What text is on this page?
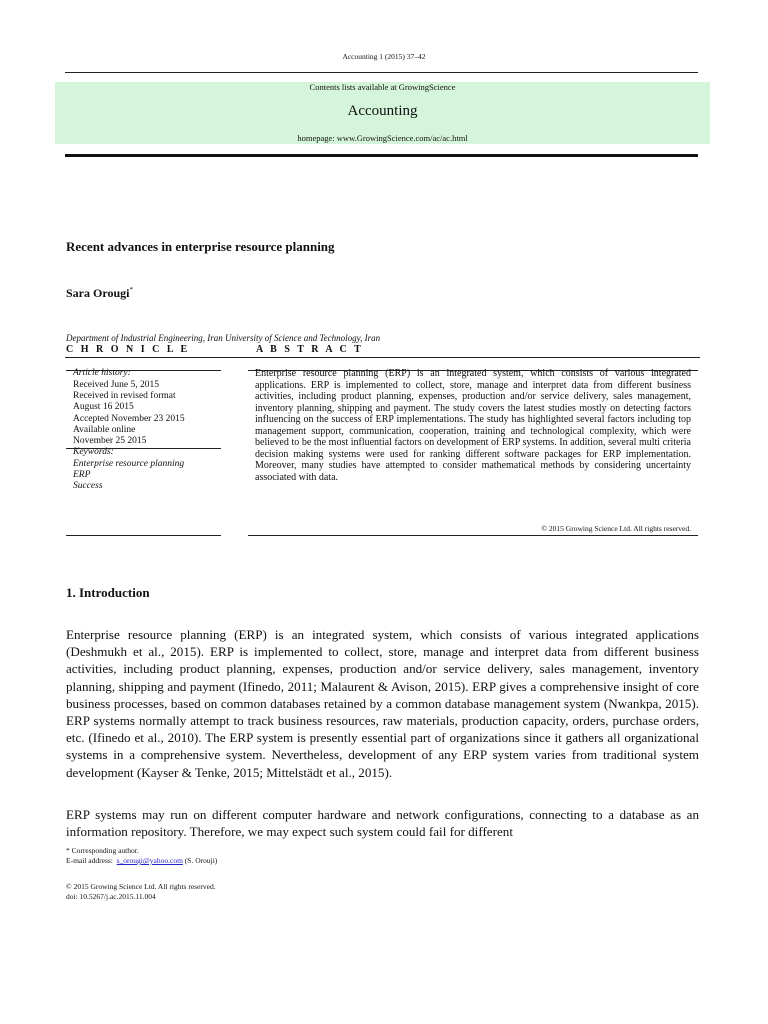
Accounting 1 (2015) 37–42
Contents lists available at GrowingScience
Accounting
homepage: www.GrowingScience.com/ac/ac.html
Recent advances in enterprise resource planning
Sara Orougi*
Department of Industrial Engineering, Iran University of Science and Technology, Iran
C H R O N I C L E	A B S T R A C T
Article history:
Received June 5, 2015
Received in revised format
August 16 2015
Accepted November 23 2015
Available online
November 25 2015
Keywords:
Enterprise resource planning
ERP
Success
Enterprise resource planning (ERP) is an integrated system, which consists of various integrated applications. ERP is implemented to collect, store, manage and interpret data from different business activities, including product planning, expenses, production and/or service delivery, sales management, inventory planning, shipping and payment. The study covers the latest studies mostly on detecting factors influencing on the success of ERP implementations. The study has highlighted several factors including top management support, communication, cooperation, training and technological complexity, which were believed to be the most influential factors on development of ERP systems. In addition, several multi criteria decision making systems were used for ranking different software packages for ERP implementation. Moreover, many studies have attempted to consider mathematical methods by considering uncertainty associated with data.
© 2015 Growing Science Ltd. All rights reserved.
1. Introduction
Enterprise resource planning (ERP) is an integrated system, which consists of various integrated applications (Deshmukh et al., 2015). ERP is implemented to collect, store, manage and interpret data from different business activities, including product planning, expenses, production and/or service delivery, sales management, inventory planning, shipping and payment (Ifinedo, 2011; Malaurent & Avison, 2015). ERP gives a comprehensive insight of core business processes, based on common databases retained by a common database management system (Nwankpa, 2015). ERP systems normally attempt to track business resources, raw materials, production capacity, orders, purchase orders, etc. (Ifinedo et al., 2010). The ERP system is presently essential part of organizations since it gathers all organizational systems in a comprehensive system. Nevertheless, development of any ERP system varies from traditional system development (Kayser & Tenke, 2015; Mittelstädt et al., 2015).
ERP systems may run on different computer hardware and network configurations, connecting to a database as an information repository. Therefore, we may expect such system could fail for different
* Corresponding author.
E-mail address: s_orougi@yahoo.com (S. Orouji)
© 2015 Growing Science Ltd. All rights reserved.
doi: 10.5267/j.ac.2015.11.004
